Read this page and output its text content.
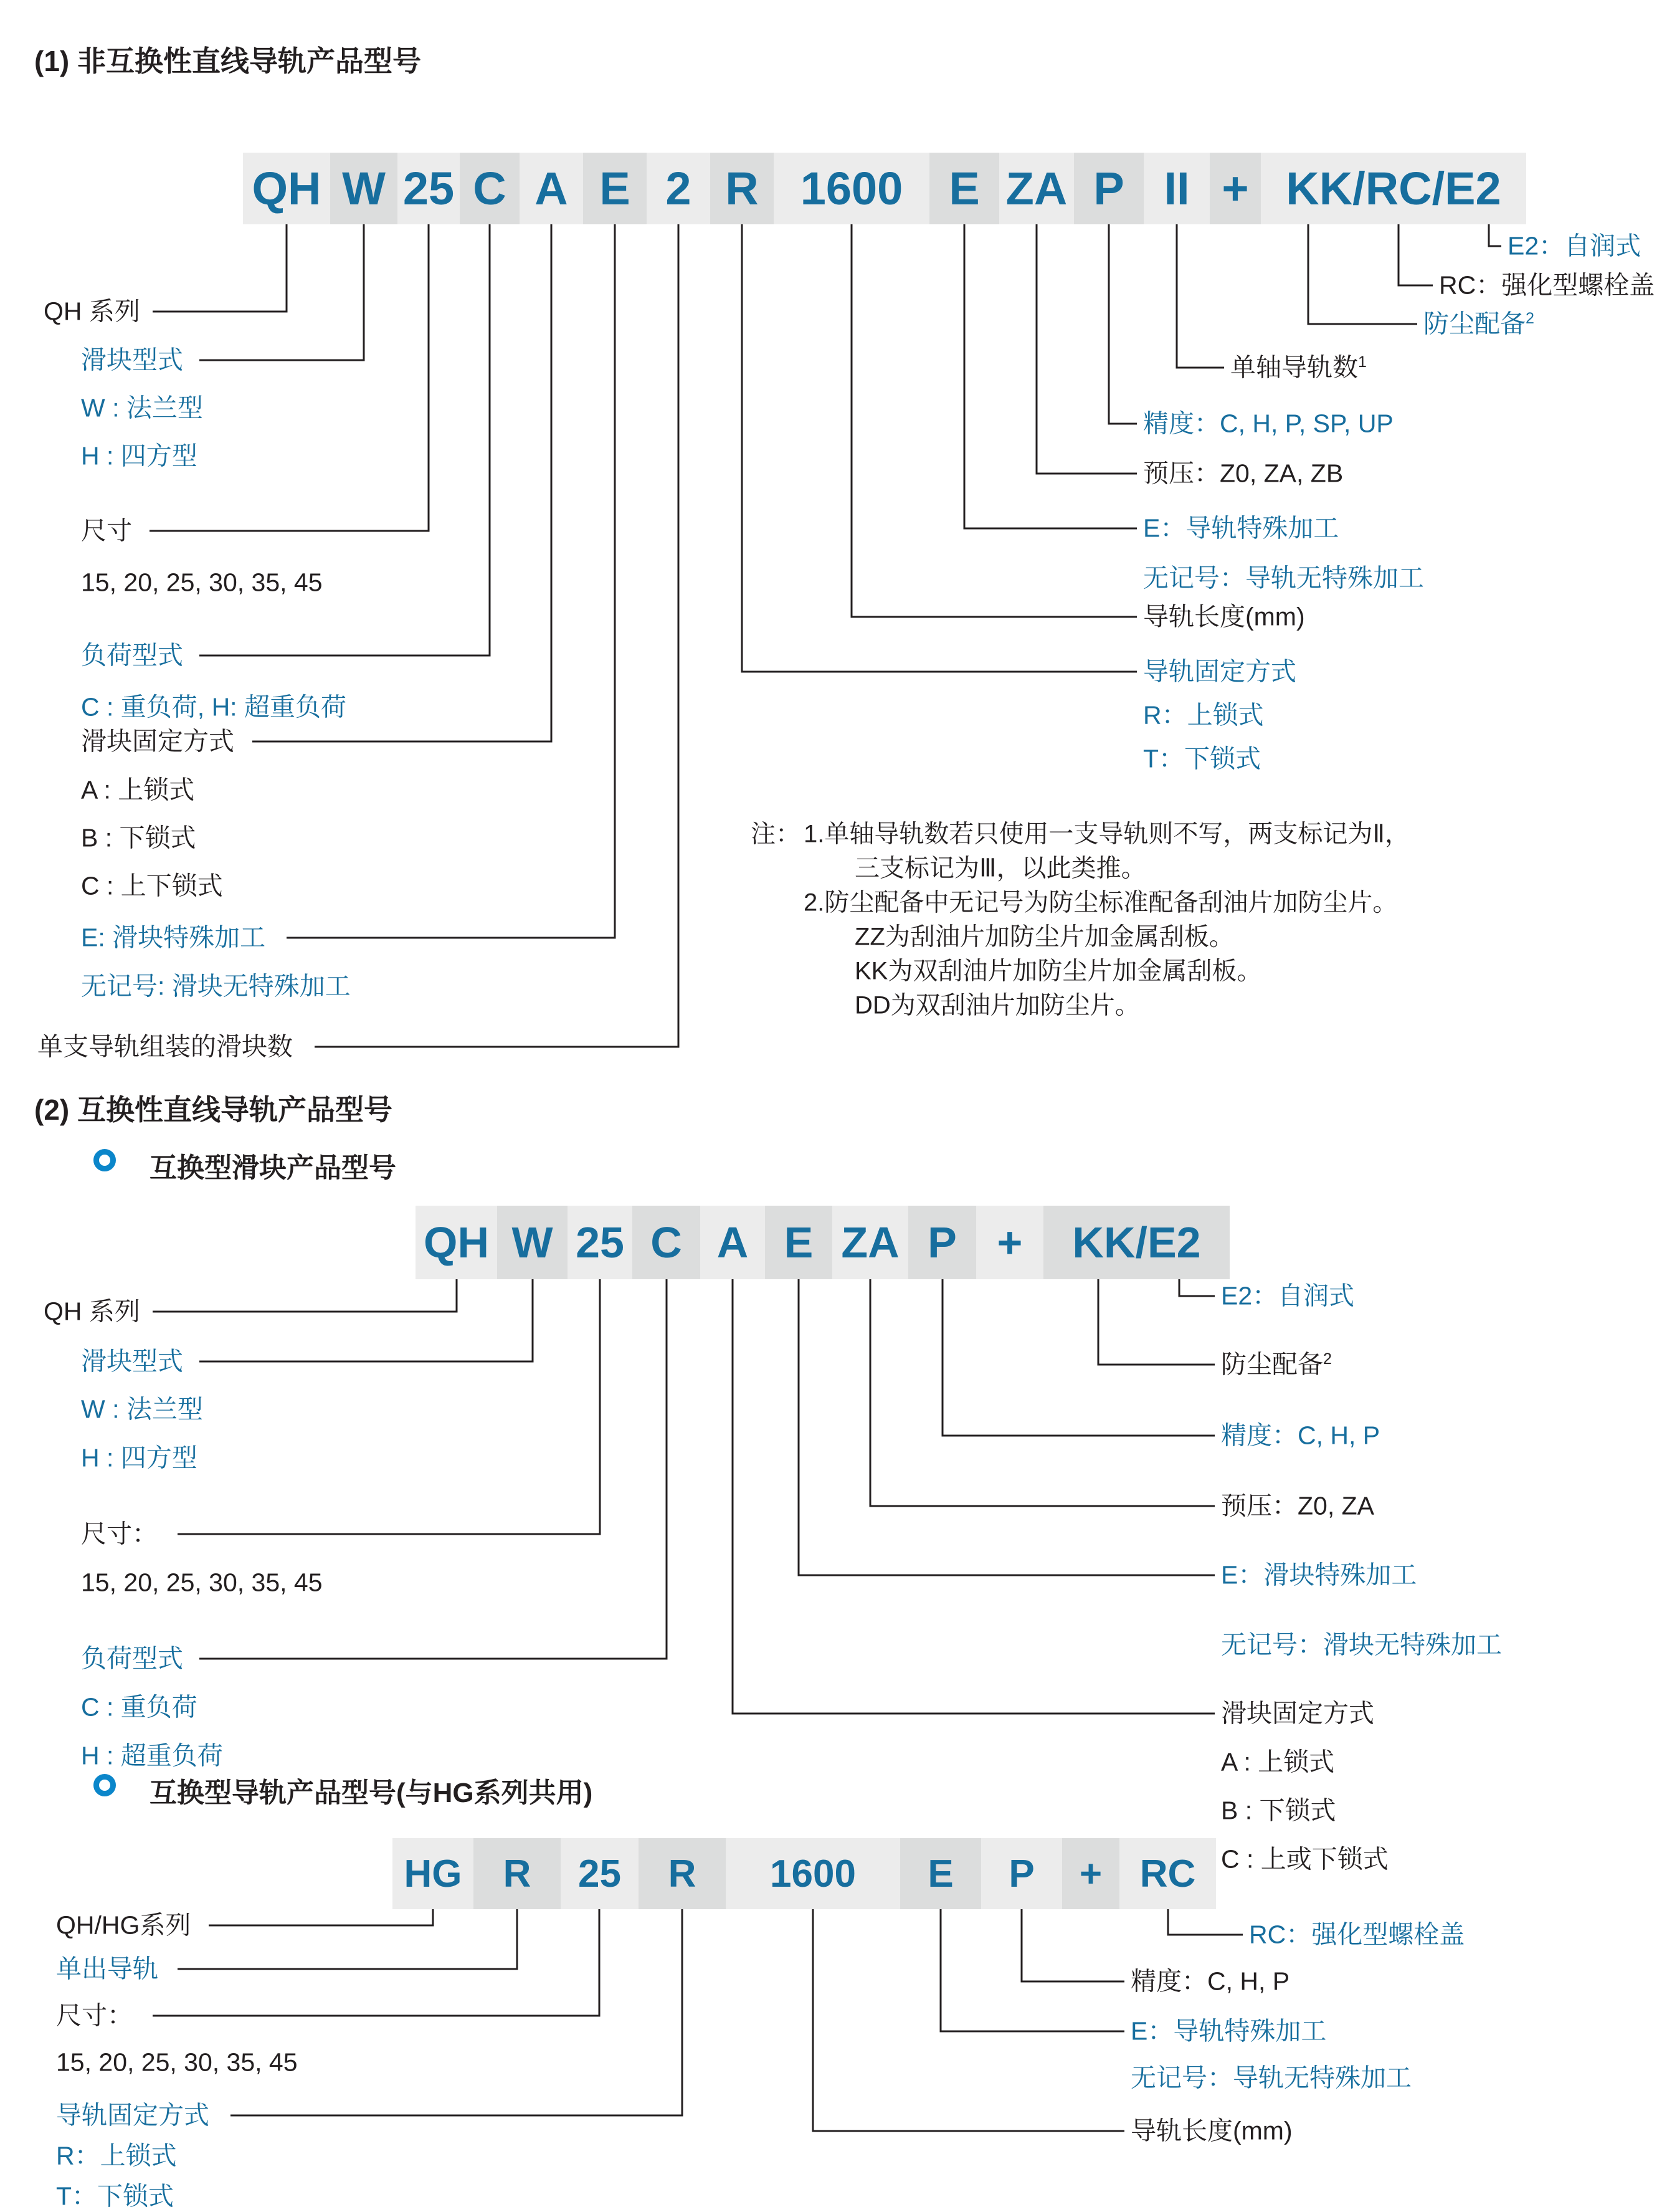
(1) 非互换性直线导轨产品型号
QH W 25 C A E 2 R 1600	E ZA P II + KK/RC/E2
QH 系列
滑块型式
W : 法兰型
H : 四方型
尺寸
15, 20, 25, 30, 35, 45
负荷型式
C : 重负荷, H: 超重负荷
滑块固定方式
A : 上锁式
B : 下锁式
C : 上下锁式
E: 滑块特殊加工
无记号: 滑块无特殊加工
单支导轨组装的滑块数
E2：自润式
RC：强化型螺栓盖
防尘配备$^2$
单轴导轨数$^1$
精度：C, H, P, SP, UP
预压：Z0, ZA, ZB
E：导轨特殊加工
无记号：导轨无特殊加工
导轨长度(mm)
导轨固定方式
R：上锁式
T：下锁式
注： 1.单轴导轨数若只使用一支导轨则不写，两支标记为Ⅱ，
三支标记为Ⅲ，以此类推。
2.防尘配备中无记号为防尘标准配备刮油片加防尘片。
ZZ为刮油片加防尘片加金属刮板。
KK为双刮油片加防尘片加金属刮板。
DD为双刮油片加防尘片。
(2) 互换性直线导轨产品型号
互换型滑块产品型号
QH W 25 C A E ZA P +	KK/E2
QH 系列
滑块型式
W : 法兰型
H : 四方型
尺寸：
15, 20, 25, 30, 35, 45
负荷型式
C : 重负荷
H : 超重负荷
E2：自润式
防尘配备$^2$
精度：C, H, P
预压：Z0, ZA
E：滑块特殊加工
无记号：滑块无特殊加工
滑块固定方式
A : 上锁式
B : 下锁式
C : 上或下锁式
互换型导轨产品型号(与HG系列共用)
HG	R	25	R	1600	E	P	+ RC
QH/HG系列
单出导轨
尺寸：
15, 20, 25, 30, 35, 45
导轨固定方式
R：上锁式
T：下锁式
RC：强化型螺栓盖
精度：C, H, P
E：导轨特殊加工
无记号：导轨无特殊加工
导轨长度(mm)
